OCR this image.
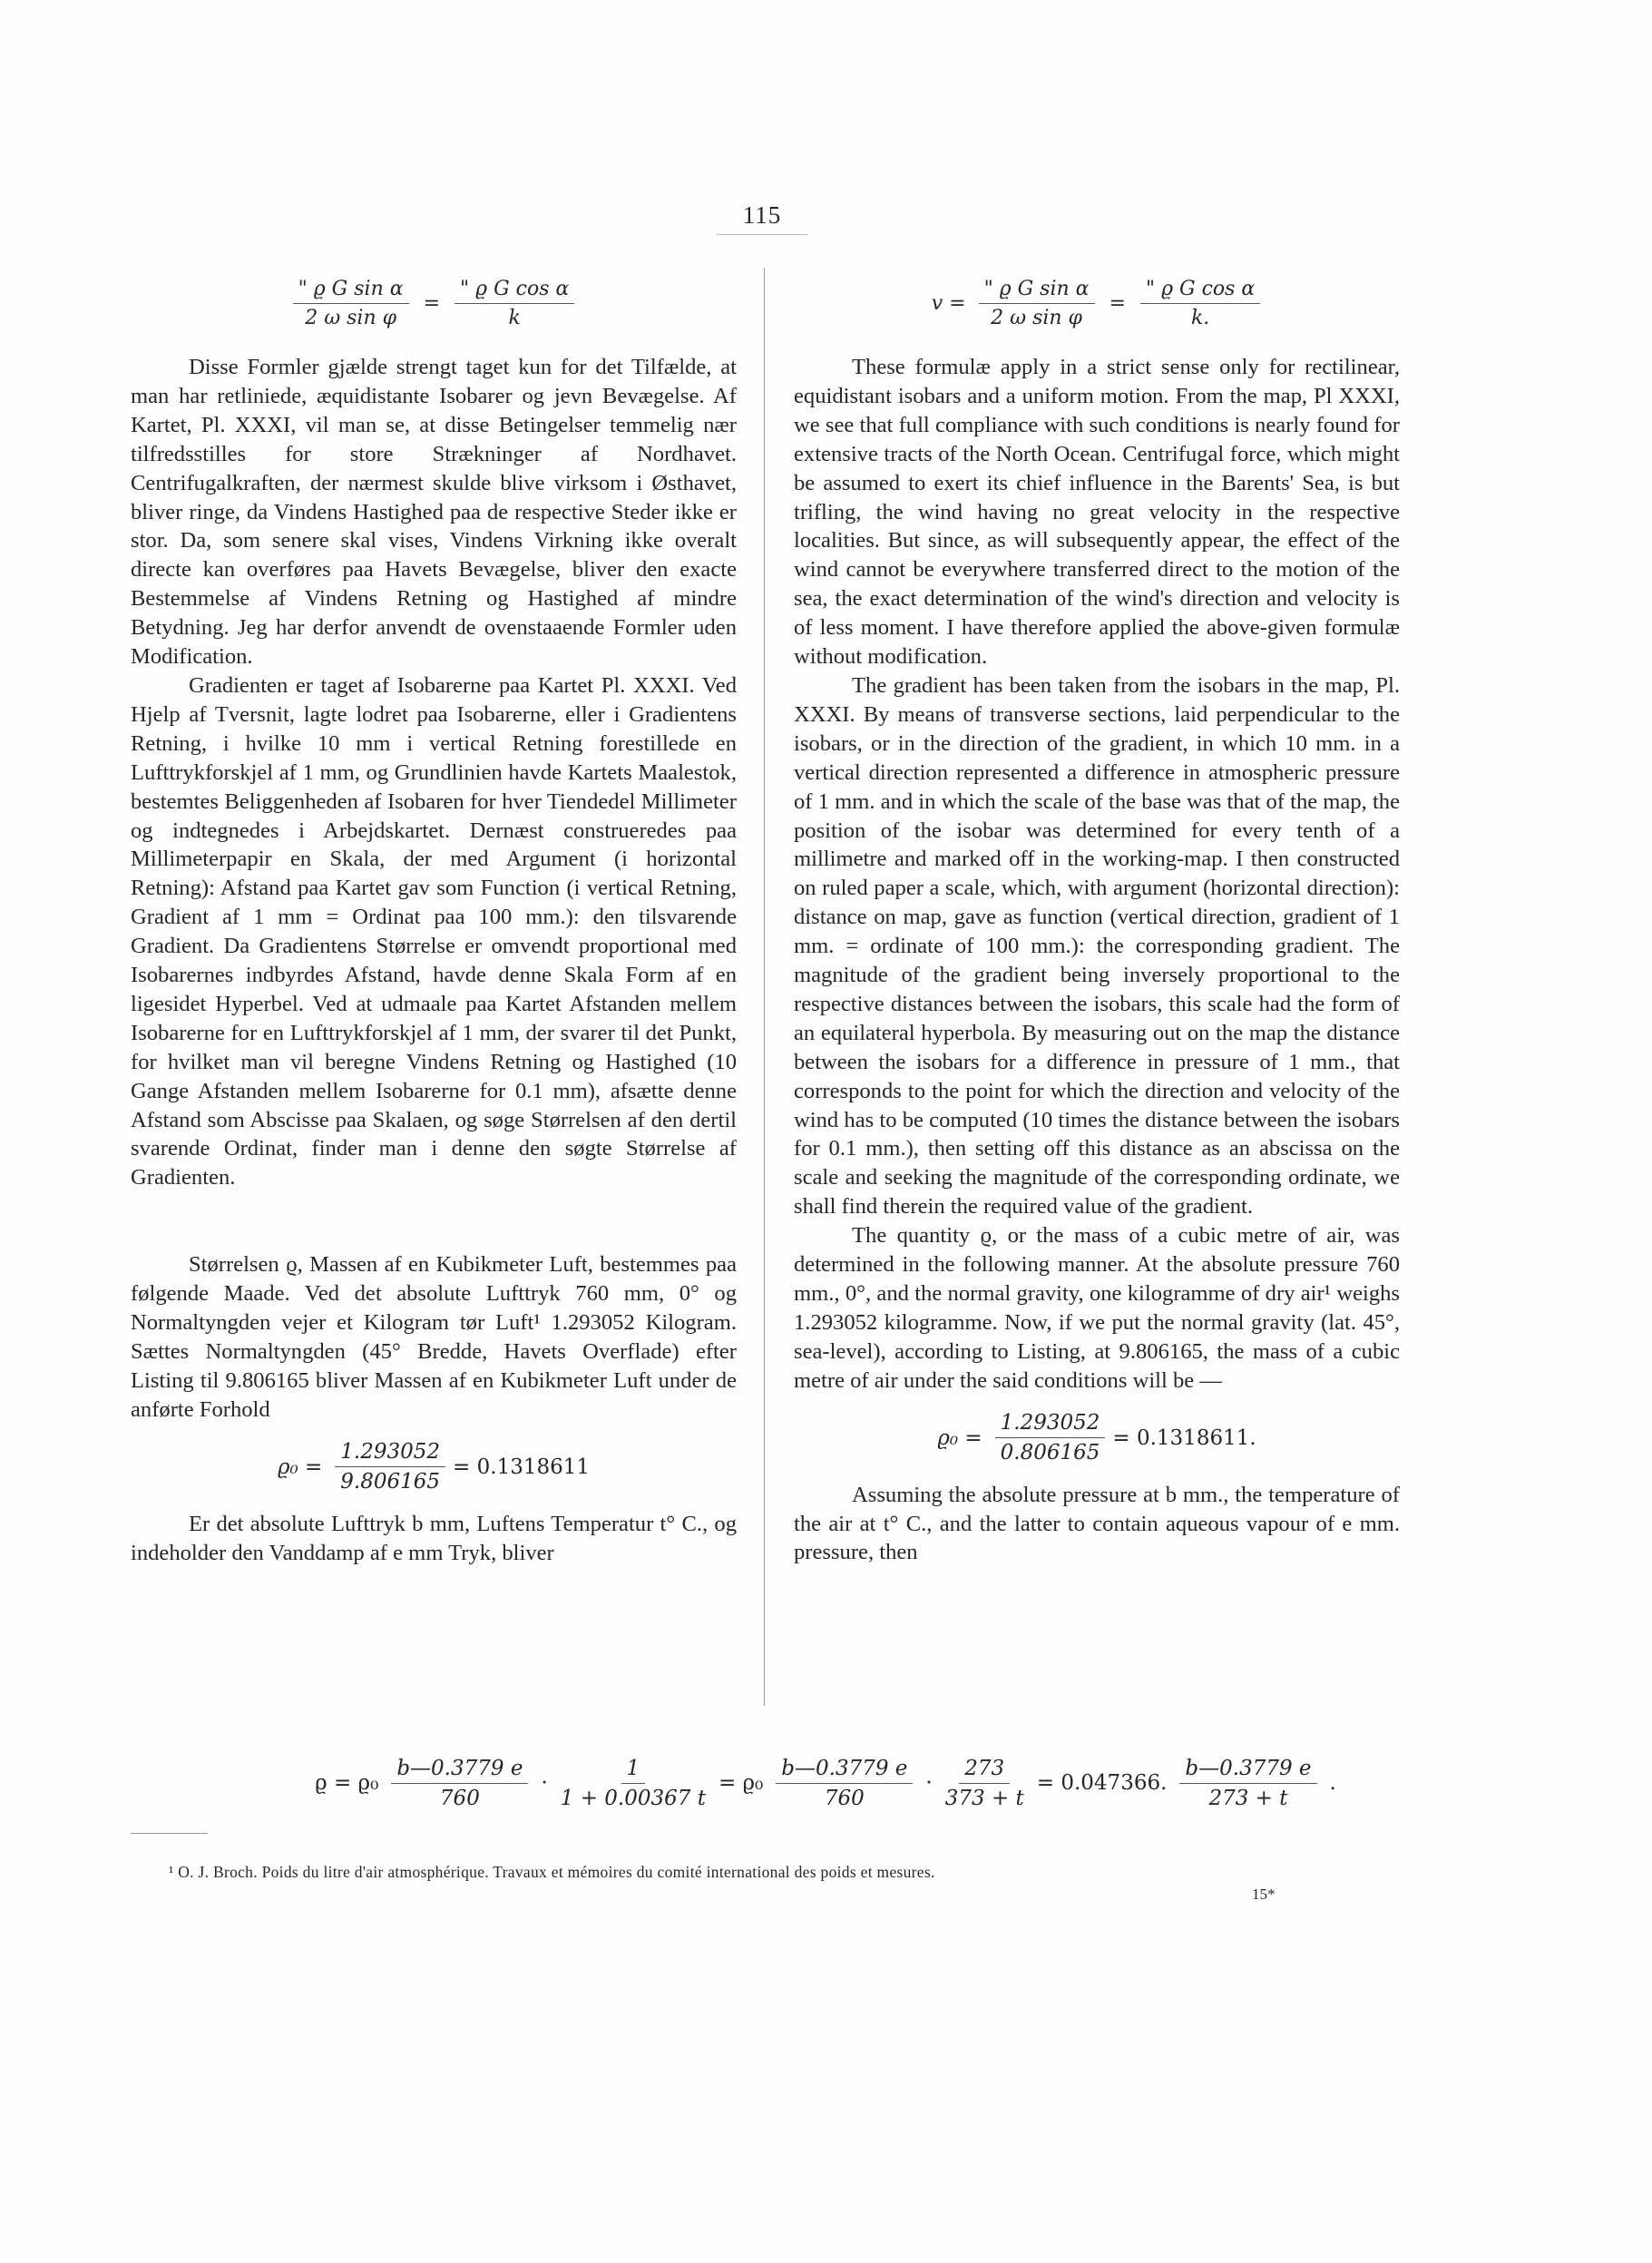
115
$\frac{\text{" ϱ G sin α}}{\text{2 ω sin φ}} = \frac{\text{" ϱ G cos α}}{k}$

Disse Formler gjælde strengt taget kun for det Tilfælde, at man har retliniede, æquidistante Isobarer og jevn Bevægelse. Af Kartet, Pl. XXXI, vil man se, at disse Betingelser temmelig nær tilfredsstilles for store Strækninger af Nordhavet. Centrifugalkraften, der nærmest skulde blive virksom i Østhavet, bliver ringe, da Vindens Hastighed paa de respective Steder ikke er stor. Da, som senere skal vises, Vindens Virkning ikke overalt directe kan overføres paa Havets Bevægelse, bliver den exacte Bestemmelse af Vindens Retning og Hastighed af mindre Betydning. Jeg har derfor anvendt de ovenstaaende Formler uden Modification.

Gradienten er taget af Isobarerne paa Kartet Pl. XXXI. Ved Hjelp af Tversnit, lagte lodret paa Isobarerne, eller i Gradientens Retning, i hvilke 10 mm i vertical Retning forestillede en Lufttrykforskjel af 1 mm, og Grundlinien havde Kartets Maalestok, bestemtes Beliggenheden af Isobaren for hver Tiendedel Millimeter og indtegnedes i Arbejdskartet. Dernæst construeredes paa Millimeterpapir en Skala, der med Argument (i horizontal Retning): Afstand paa Kartet gav som Function (i vertical Retning, Gradient af 1 mm = Ordinat paa 100 mm.): den tilsvarende Gradient. Da Gradientens Størrelse er omvendt proportional med Isobarernes indbyrdes Afstand, havde denne Skala Form af en ligesidet Hyperbel. Ved at udmaale paa Kartet Afstanden mellem Isobarerne for en Lufttrykforskjel af 1 mm, der svarer til det Punkt, for hvilket man vil beregne Vindens Retning og Hastighed (10 Gange Afstanden mellem Isobarerne for 0.1 mm), afsætte denne Afstand som Abscisse paa Skalaen, og søge Størrelsen af den dertil svarende Ordinat, finder man i denne den søgte Størrelse af Gradienten.

Størrelsen ϱ, Massen af en Kubikmeter Luft, bestemmes paa følgende Maade. Ved det absolute Lufttryk 760 mm, 0° og Normaltyngden vejer et Kilogram tør Luft¹ 1.293052 Kilogram. Sættes Normaltyngden (45° Bredde, Havets Overflade) efter Listing til 9.806165 bliver Massen af en Kubikmeter Luft under de anførte Forhold

$ϱ_0 = \frac{1.293052}{9.806165} = 0.1318611$

Er det absolute Lufttryk b mm, Luftens Temperatur t° C., og indeholder den Vanddamp af e mm Tryk, bliver

$v = \frac{\text{" ϱ G sin α}}{\text{2 ω sin φ}} = \frac{\text{" ϱ G cos α}}{k.}$

These formulæ apply in a strict sense only for rectilinear, equidistant isobars and a uniform motion. From the map, Pl XXXI, we see that full compliance with such conditions is nearly found for extensive tracts of the North Ocean. Centrifugal force, which might be assumed to exert its chief influence in the Barents' Sea, is but trifling, the wind having no great velocity in the respective localities. But since, as will subsequently appear, the effect of the wind cannot be everywhere transferred direct to the motion of the sea, the exact determination of the wind's direction and velocity is of less moment. I have therefore applied the above-given formulæ without modification.

The gradient has been taken from the isobars in the map, Pl. XXXI. By means of transverse sections, laid perpendicular to the isobars, or in the direction of the gradient, in which 10 mm. in a vertical direction represented a difference in atmospheric pressure of 1 mm. and in which the scale of the base was that of the map, the position of the isobar was determined for every tenth of a millimetre and marked off in the working-map. I then constructed on ruled paper a scale, which, with argument (horizontal direction): distance on map, gave as function (vertical direction, gradient of 1 mm. = ordinate of 100 mm.): the corresponding gradient. The magnitude of the gradient being inversely proportional to the respective distances between the isobars, this scale had the form of an equilateral hyperbola. By measuring out on the map the distance between the isobars for a difference in pressure of 1 mm., that corresponds to the point for which the direction and velocity of the wind has to be computed (10 times the distance between the isobars for 0.1 mm.), then setting off this distance as an abscissa on the scale and seeking the magnitude of the corresponding ordinate, we shall find therein the required value of the gradient.

The quantity ϱ, or the mass of a cubic metre of air, was determined in the following manner. At the absolute pressure 760 mm., 0°, and the normal gravity, one kilogramme of dry air¹ weighs 1.293052 kilogramme. Now, if we put the normal gravity (lat. 45°, sea-level), according to Listing, at 9.806165, the mass of a cubic metre of air under the said conditions will be —

$ϱ_0 = \frac{1.293052}{0.806165} = 0.1318611$.

Assuming the absolute pressure at b mm., the temperature of the air at t° C., and the latter to contain aqueous vapour of e mm. pressure, then

$ϱ = ϱ_0 \frac{b—0.3779 e}{760} \cdot \frac{1}{1 + 0.00367 t} = ϱ_0 \frac{b—0.3779 e}{760} \cdot \frac{273}{373 + t} = 0.047366$. $\frac{b—0.3779 e}{273 + t}$ .
¹ O. J. Broch. Poids du litre d'air atmosphérique. Travaux et mémoires du comité international des poids et mesures.
15*
